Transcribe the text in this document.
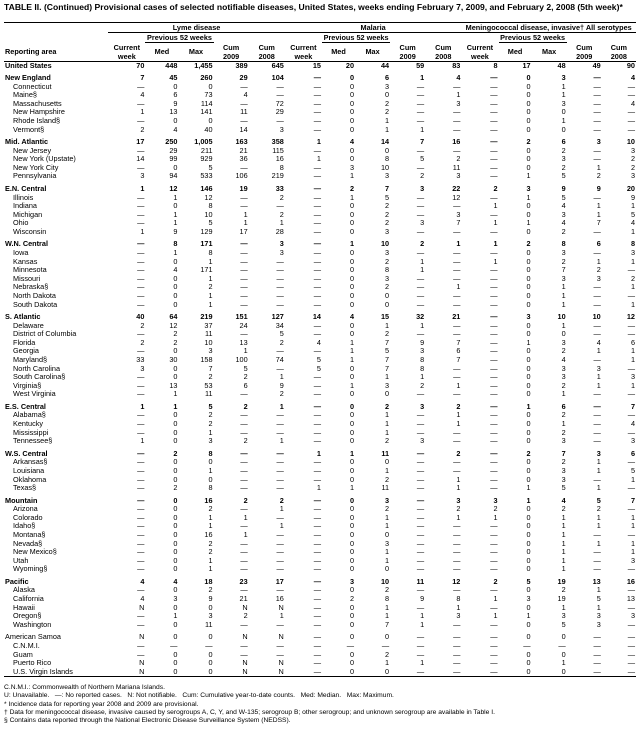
TABLE II. (Continued) Provisional cases of selected notifiable diseases, United States, weeks ending February 7, 2009, and February 2, 2008 (5th week)*
	Lyme disease					Malaria					Meningococcal disease, invasive† All serotypes				
		Previous 52 weeks					Previous 52 weeks					Previous 52 weeks			
Reporting area	Current week	Med	Max	Cum 2009	Cum 2008	Current week	Med	Max	Cum 2009	Cum 2008	Current week	Med	Max	Cum 2009	Cum 2008
United States	70	448	1,455	389	645	15	20	44	59	83	8	17	48	49	90

New England	7	45	260	29	104	—	0	6	1	4	—	0	3	—	4
Connecticut	—	0	0	—	—	—	0	3	—	—	—	0	1	—	—
Maine§	4	6	73	4	—	—	0	0	—	1	—	0	1	—	—
Massachusetts	—	9	114	—	72	—	0	2	—	3	—	0	3	—	4
New Hampshire	1	13	141	11	29	—	0	2	—	—	—	0	0	—	—
Rhode Island§	—	0	0	—	—	—	0	1	—	—	—	0	1	—	—
Vermont§	2	4	40	14	3	—	0	1	1	—	—	0	0	—	—

Mid. Atlantic	17	250	1,005	163	358	1	4	14	7	16	—	2	6	3	10
New Jersey	—	29	211	21	115	—	0	0	—	—	—	0	2	—	3
New York (Upstate)	14	99	929	36	16	1	0	8	5	2	—	0	3	—	2
New York City	—	0	5	—	8	—	3	10	—	11	—	0	2	1	2
Pennsylvania	3	94	533	106	219	—	1	3	2	3	—	1	5	2	3

E.N. Central	1	12	146	19	33	—	2	7	3	22	2	3	9	9	20
Illinois	—	1	12	—	2	—	1	5	—	12	—	1	5	—	9
Indiana	—	0	8	—	—	—	0	2	—	—	1	0	4	1	1
Michigan	—	1	10	1	2	—	0	2	—	3	—	0	3	1	5
Ohio	—	1	5	1	1	—	0	2	3	7	1	1	4	7	4
Wisconsin	1	9	129	17	28	—	0	3	—	—	—	0	2	—	1

W.N. Central	—	8	171	—	3	—	1	10	2	1	1	2	8	6	8
Iowa	—	1	8	—	3	—	0	3	—	—	—	0	3	—	3
Kansas	—	0	1	—	—	—	0	2	1	—	1	0	2	1	1
Minnesota	—	4	171	—	—	—	0	8	1	—	—	0	7	2	—
Missouri	—	0	1	—	—	—	0	3	—	—	—	0	3	3	2
Nebraska§	—	0	2	—	—	—	0	2	—	1	—	0	1	—	1
North Dakota	—	0	1	—	—	—	0	0	—	—	—	0	1	—	—
South Dakota	—	0	1	—	—	—	0	0	—	—	—	0	1	—	1

S. Atlantic	40	64	219	151	127	14	4	15	32	21	—	3	10	10	12
Delaware	2	12	37	24	34	—	0	1	1	—	—	0	1	—	—
District of Columbia	—	2	11	—	5	—	0	2	—	—	—	0	0	—	—
Florida	2	2	10	13	2	4	1	7	9	7	—	1	3	4	6
Georgia	—	0	3	1	—	—	1	5	3	6	—	0	2	1	1
Maryland§	33	30	158	100	74	5	1	7	8	7	—	0	4	—	1
North Carolina	3	0	7	5	—	5	0	7	8	—	—	0	3	3	—
South Carolina§	—	0	2	2	1	—	0	1	1	—	—	0	3	1	3
Virginia§	—	13	53	6	9	—	1	3	2	1	—	0	2	1	1
West Virginia	—	1	11	—	2	—	0	0	—	—	—	0	1	—	—

E.S. Central	1	1	5	2	1	—	0	2	3	2	—	1	6	—	7
Alabama§	—	0	2	—	—	—	0	1	—	1	—	0	2	—	—
Kentucky	—	0	2	—	—	—	0	1	—	1	—	0	1	—	4
Mississippi	—	0	1	—	—	—	0	1	—	—	—	0	2	—	—
Tennessee§	1	0	3	2	1	—	0	2	3	—	—	0	3	—	3

W.S. Central	—	2	8	—	—	1	1	11	—	2	—	2	7	3	6
Arkansas§	—	0	0	—	—	—	0	0	—	—	—	0	2	1	—
Louisiana	—	0	1	—	—	—	0	1	—	—	—	0	3	1	5
Oklahoma	—	0	0	—	—	—	0	2	—	1	—	0	3	—	1
Texas§	—	2	8	—	—	1	1	11	—	1	—	1	5	1	—

Mountain	—	0	16	2	2	—	0	3	—	3	3	1	4	5	7
Arizona	—	0	2	—	1	—	0	2	—	2	2	0	2	2	—
Colorado	—	0	1	1	—	—	0	1	—	1	1	0	1	1	1
Idaho§	—	0	1	—	1	—	0	1	—	—	—	0	1	1	1
Montana§	—	0	16	1	—	—	0	0	—	—	—	0	1	—	—
Nevada§	—	0	2	—	—	—	0	3	—	—	—	0	1	1	1
New Mexico§	—	0	2	—	—	—	0	1	—	—	—	0	1	—	1
Utah	—	0	1	—	—	—	0	1	—	—	—	0	1	—	3
Wyoming§	—	0	1	—	—	—	0	0	—	—	—	0	1	—	—

Pacific	4	4	18	23	17	—	3	10	11	12	2	5	19	13	16
Alaska	—	0	2	—	—	—	0	2	—	—	—	0	2	1	—
California	4	3	9	21	16	—	2	8	9	8	1	3	19	5	13
Hawaii	N	0	0	N	N	—	0	1	—	1	—	0	1	1	—
Oregon§	—	1	3	2	1	—	0	1	1	3	1	1	3	3	3
Washington	—	0	11	—	—	—	0	7	1	—	—	0	5	3	—

American Samoa	N	0	0	N	N	—	0	0	—	—	—	0	0	—	—
C.N.M.I.	—	—	—	—	—	—	—	—	—	—	—	—	—	—	—
Guam	—	0	0	—	—	—	0	2	—	—	—	0	0	—	—
Puerto Rico	N	0	0	N	N	—	0	1	1	—	—	0	1	—	—
U.S. Virgin Islands	N	0	0	N	N	—	0	0	—	—	—	0	0	—	—
C.N.M.I.: Commonwealth of Northern Mariana Islands.
U: Unavailable.   —: No reported cases.   N: Not notifiable.   Cum: Cumulative year-to-date counts.   Med: Median.   Max: Maximum.
* Incidence data for reporting year 2008 and 2009 are provisional.
† Data for meningococcal disease, invasive caused by serogroups A, C, Y, and W-135; serogroup B; other serogroup; and unknown serogroup are available in Table I.
§ Contains data reported through the National Electronic Disease Surveillance System (NEDSS).
